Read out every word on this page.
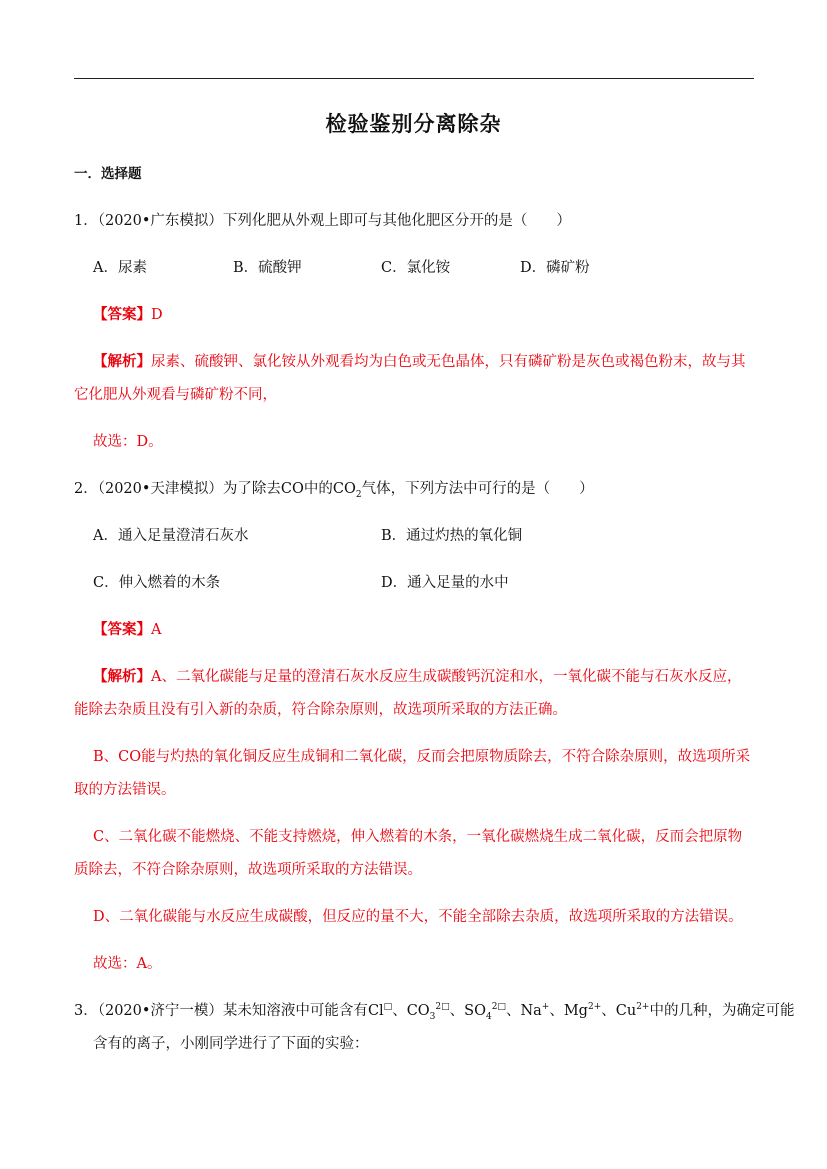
检验鉴别分离除杂
一．选择题
1．（2020•广东模拟）下列化肥从外观上即可与其他化肥区分开的是（　　）
A．尿素	B．硫酸钾	C．氯化铵	D．磷矿粉
【答案】D
【解析】尿素、硫酸钾、氯化铵从外观看均为白色或无色晶体，只有磷矿粉是灰色或褐色粉末，故与其
它化肥从外观看与磷矿粉不同，
故选：D。
2．（2020•天津模拟）为了除去CO中的$CO_2$气体，下列方法中可行的是（　　）
A．通入足量澄清石灰水	B．通过灼热的氧化铜
C．伸入燃着的木条	D．通入足量的水中
【答案】A
【解析】A、二氧化碳能与足量的澄清石灰水反应生成碳酸钙沉淀和水，一氧化碳不能与石灰水反应，
能除去杂质且没有引入新的杂质，符合除杂原则，故选项所采取的方法正确。
B、CO能与灼热的氧化铜反应生成铜和二氧化碳，反而会把原物质除去，不符合除杂原则，故选项所采
取的方法错误。
C、二氧化碳不能燃烧、不能支持燃烧，伸入燃着的木条，一氧化碳燃烧生成二氧化碳，反而会把原物
质除去，不符合除杂原则，故选项所采取的方法错误。
D、二氧化碳能与水反应生成碳酸，但反应的量不大，不能全部除去杂质，故选项所采取的方法错误。
故选：A。
3．（2020•济宁一模）某未知溶液中可能含有Cl□、$CO_3^{2□}$、$SO_4^{2□}$、Na+、$Mg^{2+}$、$Cu^{2+}$中的几种，为确定可能
含有的离子，小刚同学进行了下面的实验：
